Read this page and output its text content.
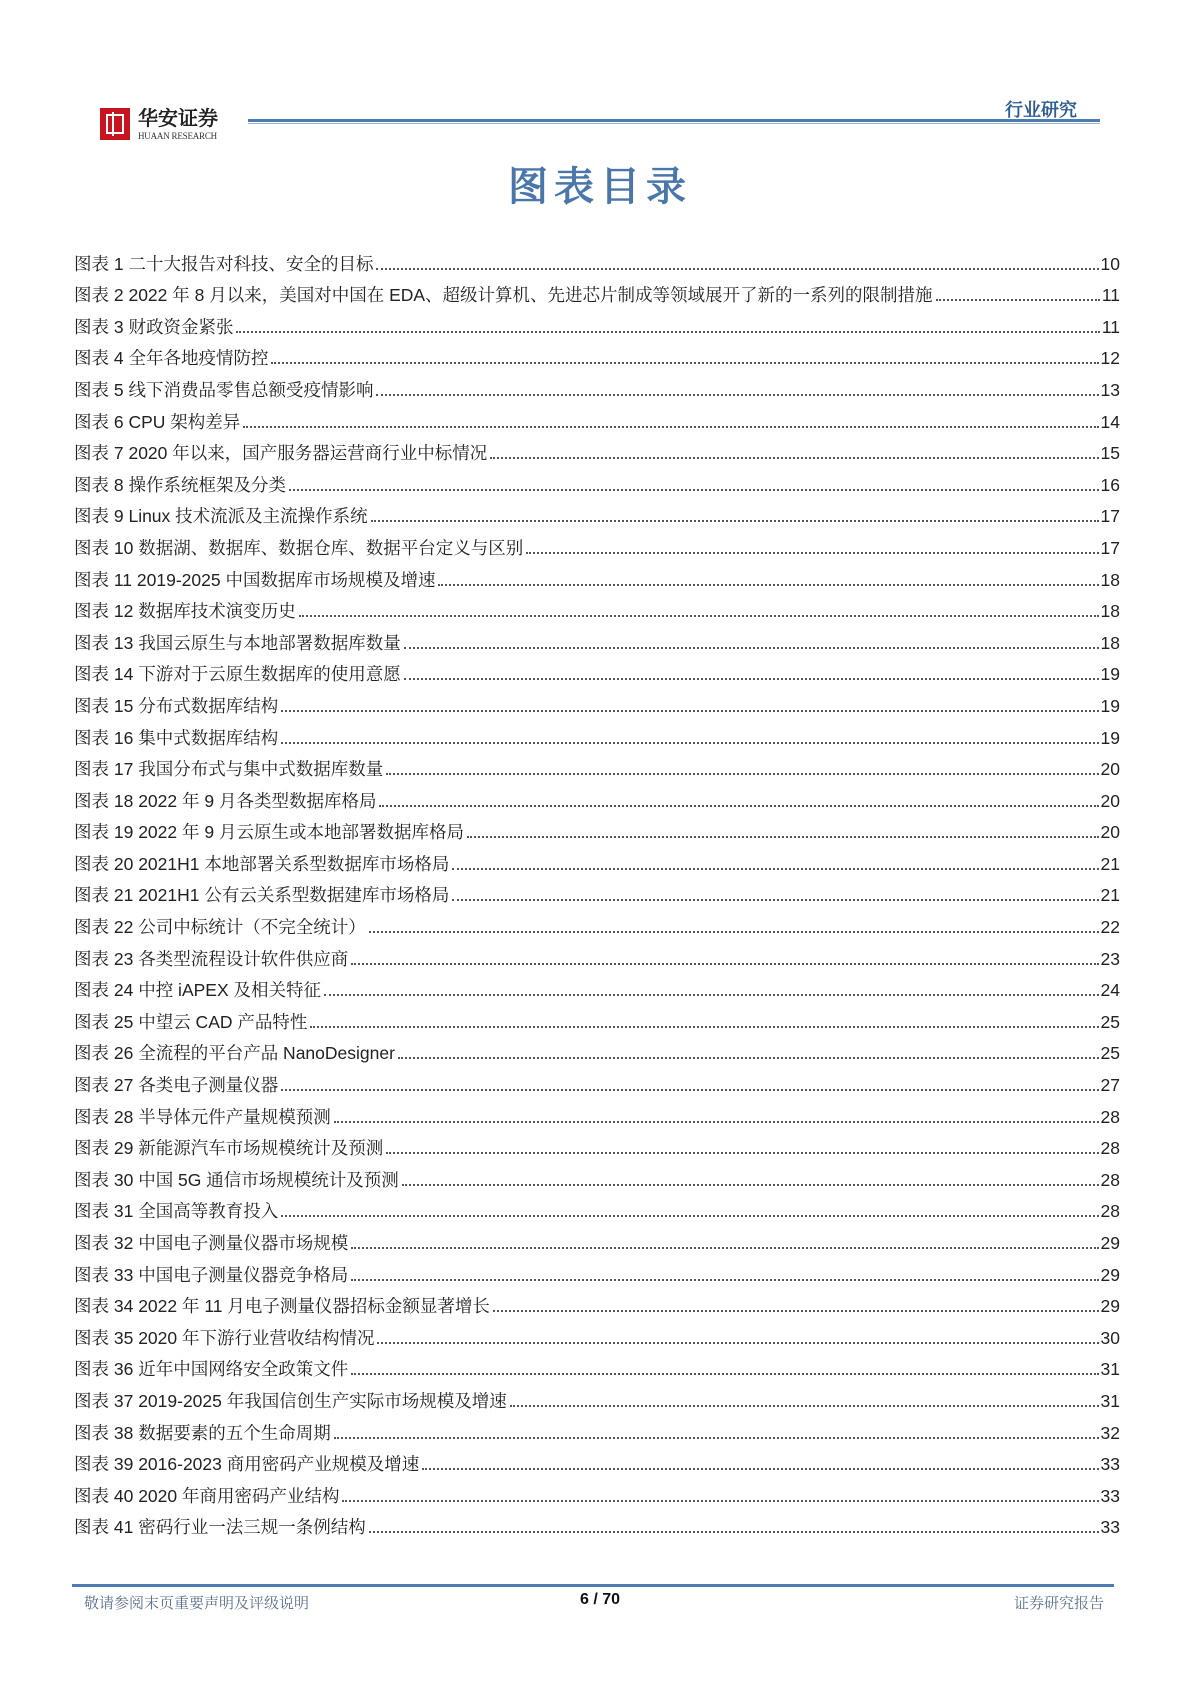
华安证券
HUAAN RESEARCH
行业研究
图表目录
图表 1 二十大报告对科技、安全的目标	10
图表 2 2022 年 8 月以来，美国对中国在 EDA、超级计算机、先进芯片制成等领域展开了新的一系列的限制措施	11
图表 3 财政资金紧张	11
图表 4 全年各地疫情防控	12
图表 5 线下消费品零售总额受疫情影响	13
图表 6 CPU 架构差异	14
图表 7 2020 年以来，国产服务器运营商行业中标情况	15
图表 8 操作系统框架及分类	16
图表 9 Linux 技术流派及主流操作系统	17
图表 10 数据湖、数据库、数据仓库、数据平台定义与区别	17
图表 11 2019-2025 中国数据库市场规模及增速	18
图表 12 数据库技术演变历史	18
图表 13 我国云原生与本地部署数据库数量	18
图表 14 下游对于云原生数据库的使用意愿	19
图表 15 分布式数据库结构	19
图表 16 集中式数据库结构	19
图表 17 我国分布式与集中式数据库数量	20
图表 18 2022 年 9 月各类型数据库格局	20
图表 19 2022 年 9 月云原生或本地部署数据库格局	20
图表 20 2021H1 本地部署关系型数据库市场格局	21
图表 21 2021H1 公有云关系型数据建库市场格局	21
图表 22 公司中标统计（不完全统计）	22
图表 23 各类型流程设计软件供应商	23
图表 24 中控 iAPEX 及相关特征	24
图表 25 中望云 CAD 产品特性	25
图表 26 全流程的平台产品 NanoDesigner	25
图表 27 各类电子测量仪器	27
图表 28 半导体元件产量规模预测	28
图表 29 新能源汽车市场规模统计及预测	28
图表 30 中国 5G 通信市场规模统计及预测	28
图表 31 全国高等教育投入	28
图表 32 中国电子测量仪器市场规模	29
图表 33 中国电子测量仪器竞争格局	29
图表 34 2022 年 11 月电子测量仪器招标金额显著增长	29
图表 35 2020 年下游行业营收结构情况	30
图表 36 近年中国网络安全政策文件	31
图表 37 2019-2025 年我国信创生产实际市场规模及增速	31
图表 38 数据要素的五个生命周期	32
图表 39 2016-2023 商用密码产业规模及增速	33
图表 40 2020 年商用密码产业结构	33
图表 41 密码行业一法三规一条例结构	33
敬请参阅末页重要声明及评级说明	6 / 70	证券研究报告
